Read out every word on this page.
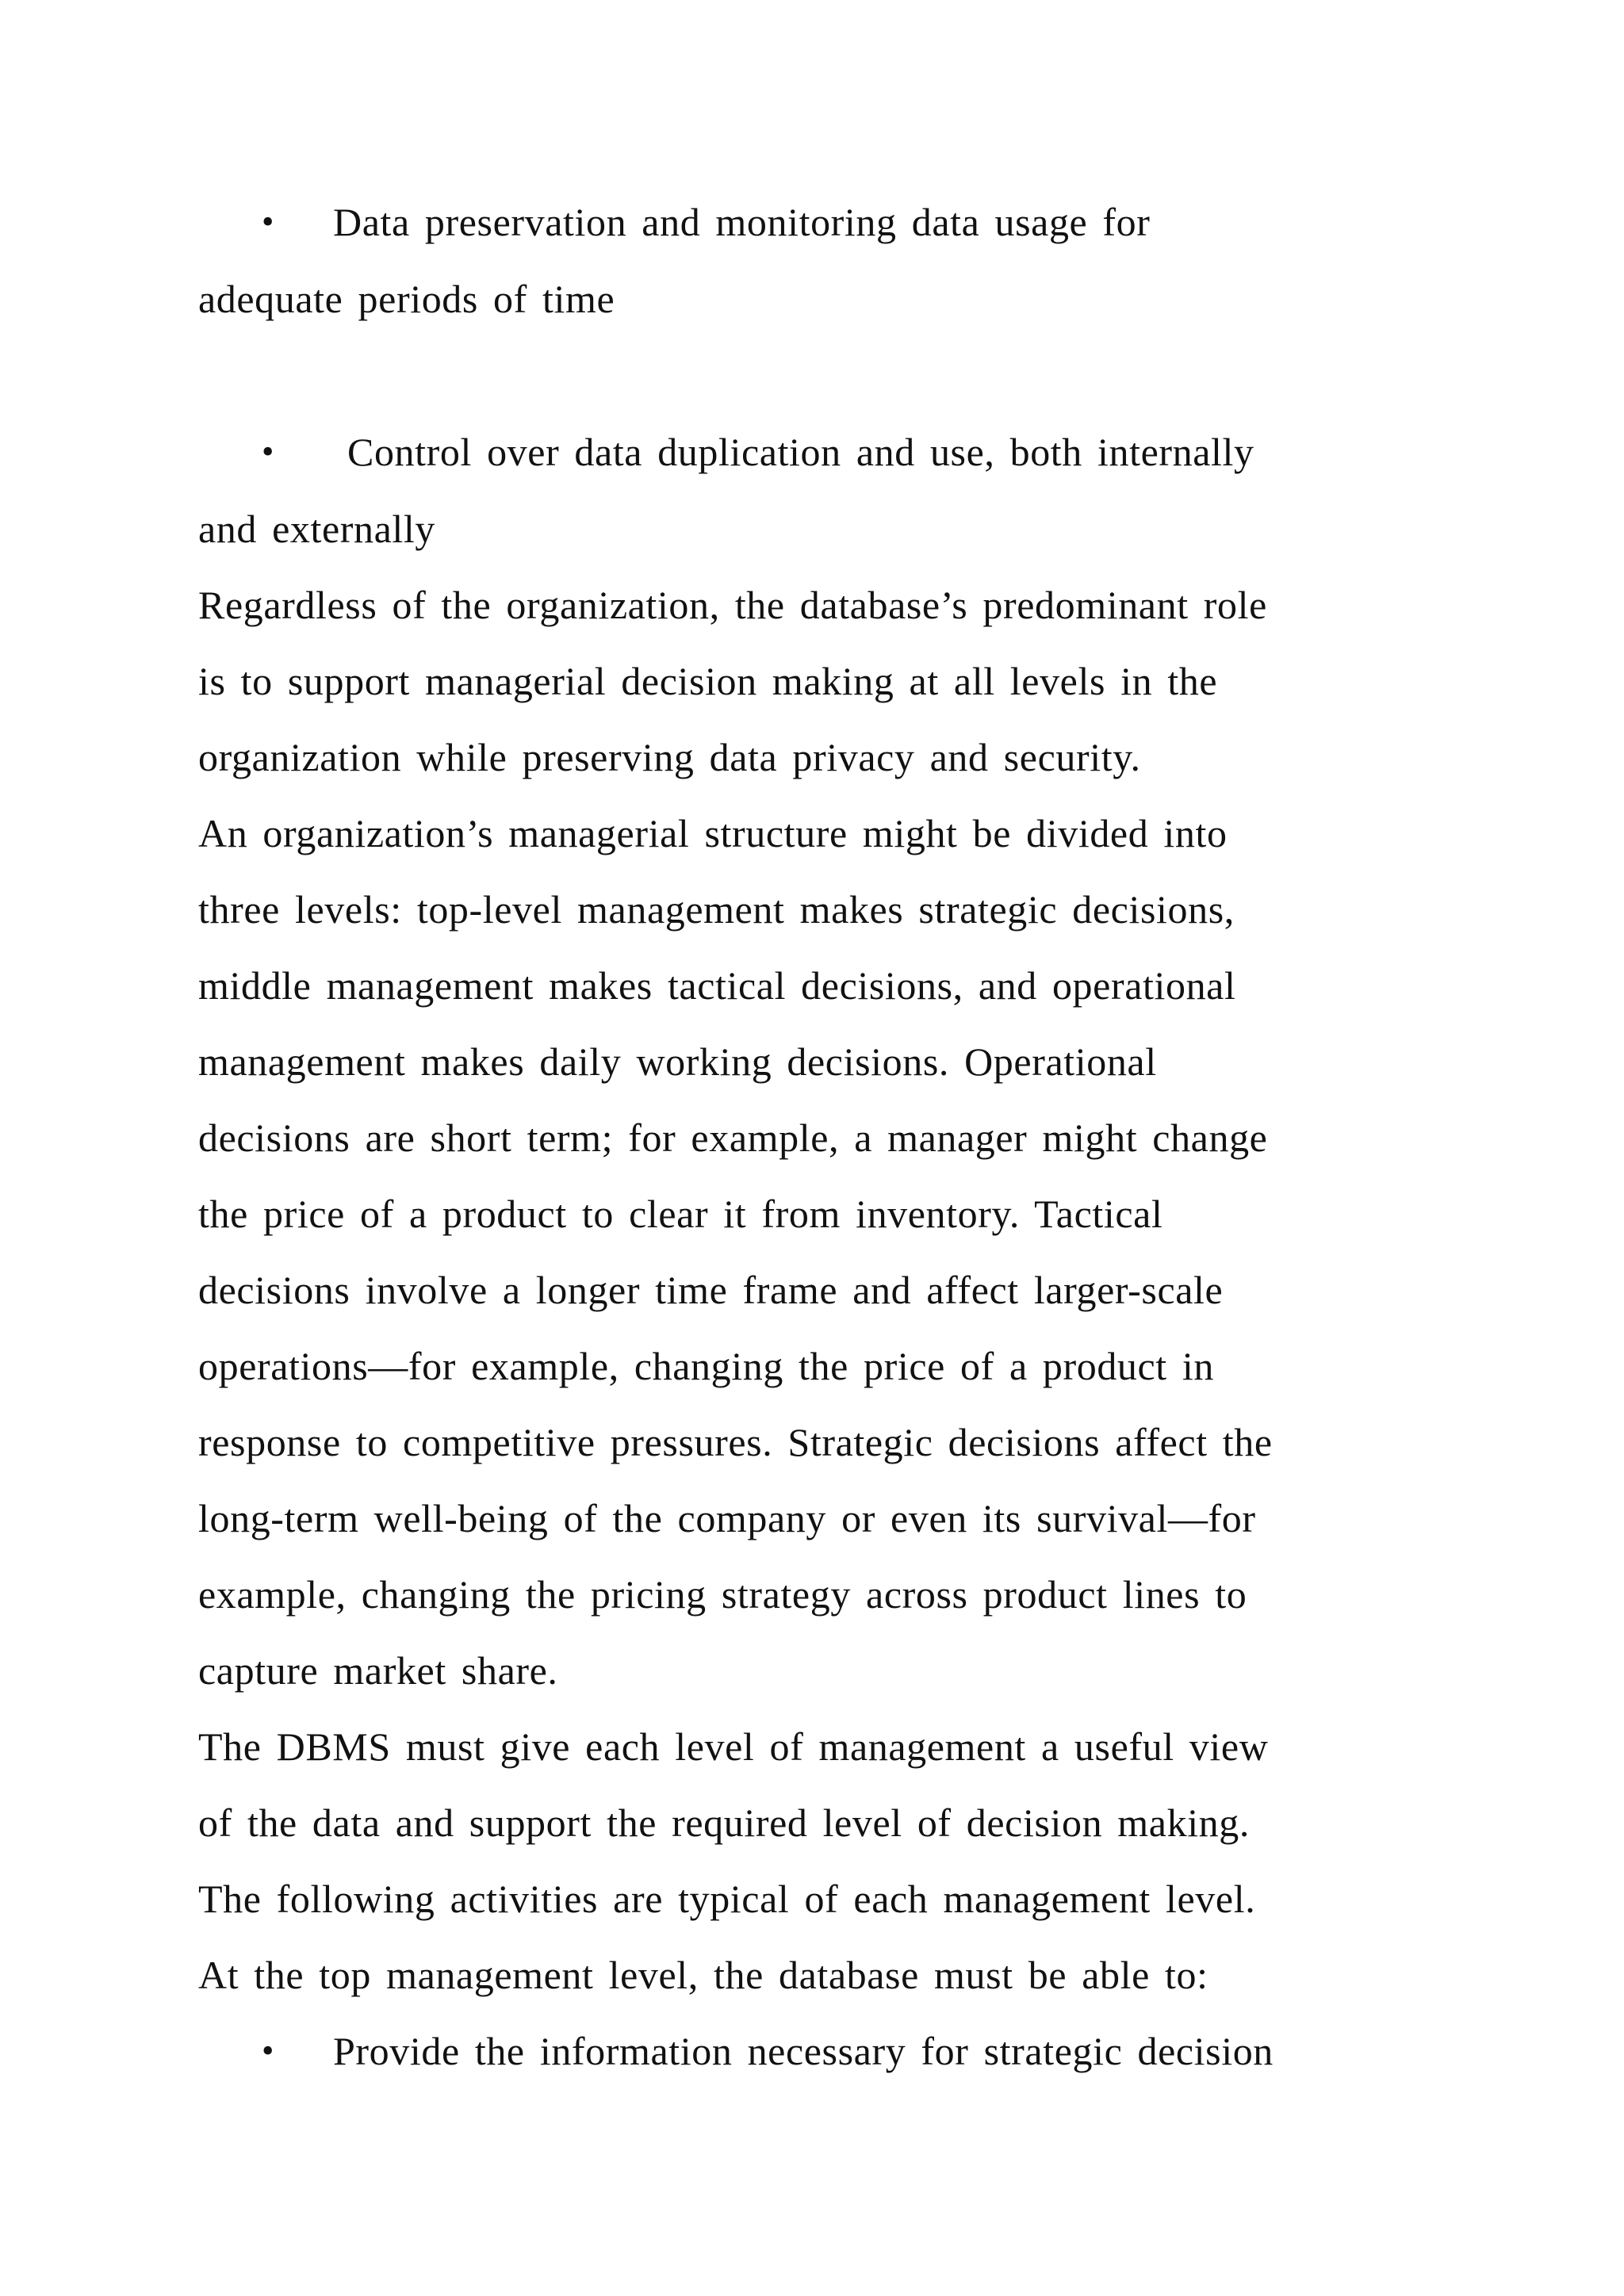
• Data preservation and monitoring data usage for
adequate periods of time
• Control over data duplication and use, both internally
and externally
Regardless of the organization, the database’s predominant role
is to support managerial decision making at all levels in the
organization while preserving data privacy and security.
An organization’s managerial structure might be divided into
three levels: top-level management makes strategic decisions,
middle management makes tactical decisions, and operational
management makes daily working decisions. Operational
decisions are short term; for example, a manager might change
the price of a product to clear it from inventory. Tactical
decisions involve a longer time frame and affect larger-scale
operations—for example, changing the price of a product in
response to competitive pressures. Strategic decisions affect the
long-term well-being of the company or even its survival—for
example, changing the pricing strategy across product lines to
capture market share.
The DBMS must give each level of management a useful view
of the data and support the required level of decision making.
The following activities are typical of each management level.
At the top management level, the database must be able to:
• Provide the information necessary for strategic decision
